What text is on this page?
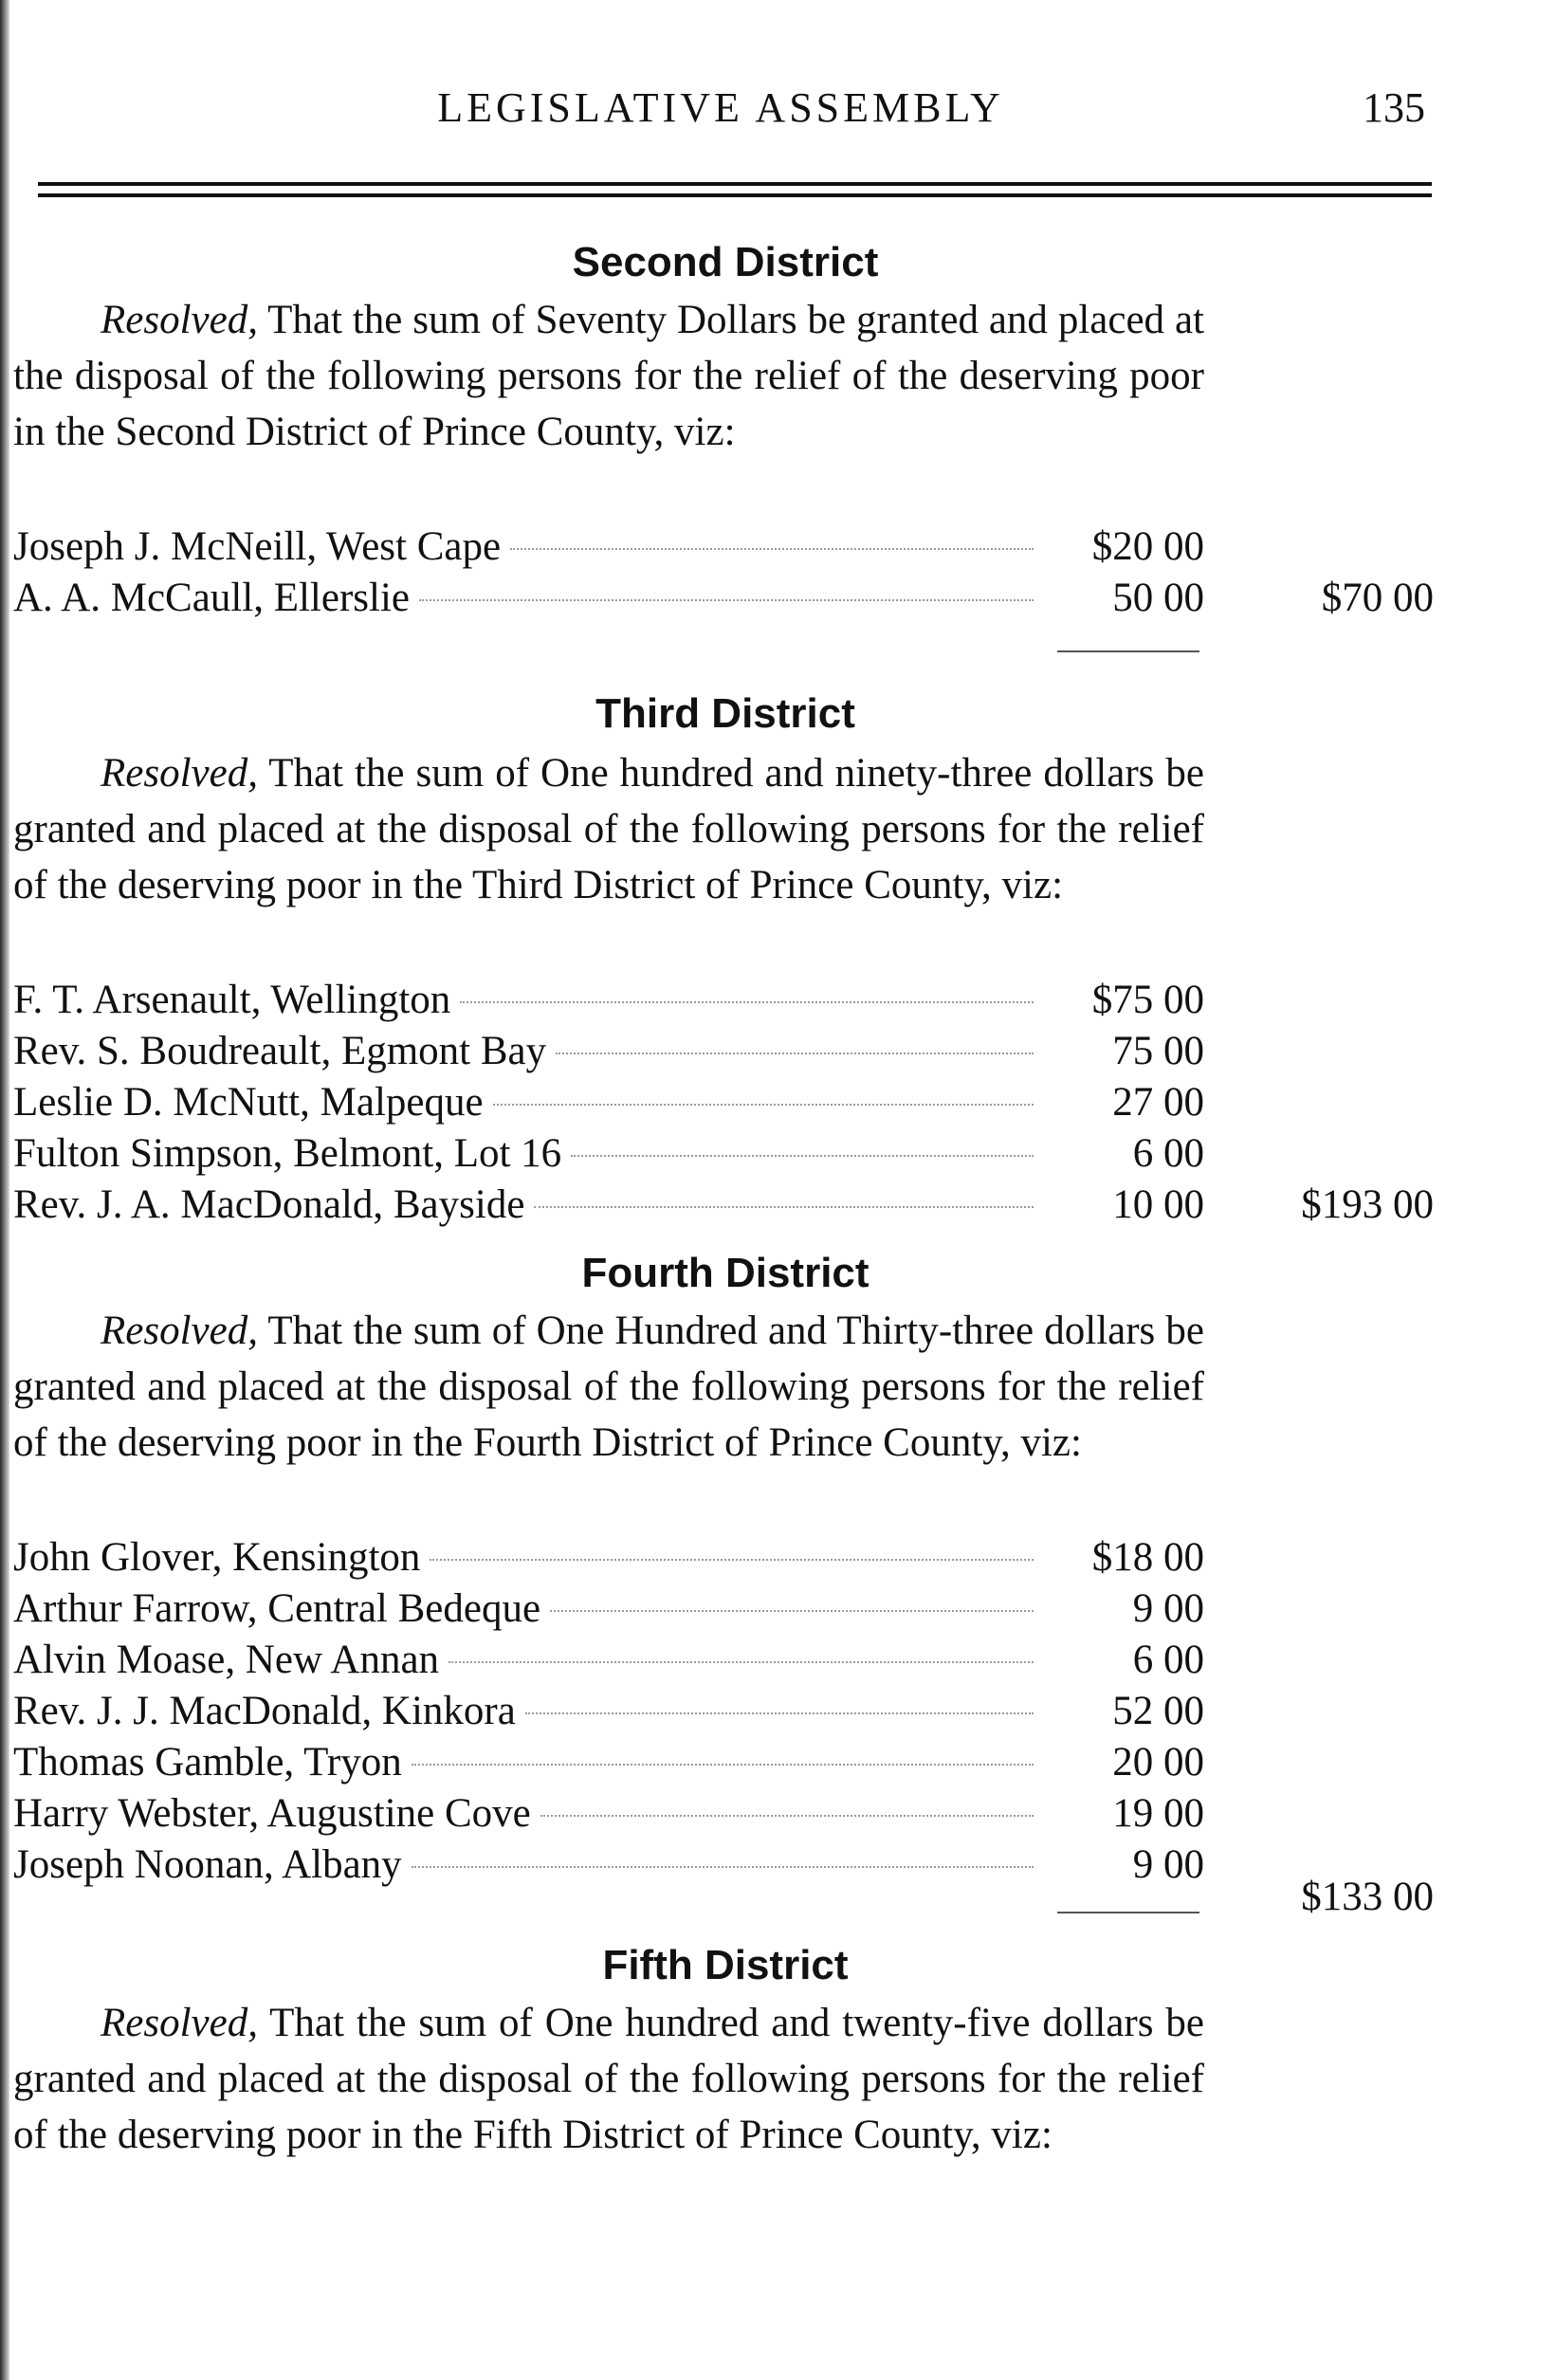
LEGISLATIVE ASSEMBLY	135
Second District

Resolved, That the sum of Seventy Dollars be granted and placed at the disposal of the following persons for the relief of the deserving poor in the Second District of Prince County, viz:

Joseph J. McNeill, West Cape	$20 00
A. A. McCaull, Ellerslie	50 00	$70 00
Third District

Resolved, That the sum of One hundred and ninety-three dollars be granted and placed at the disposal of the following persons for the relief of the deserving poor in the Third District of Prince County, viz:

F. T. Arsenault, Wellington	$75 00
Rev. S. Boudreault, Egmont Bay	75 00
Leslie D. McNutt, Malpeque	27 00
Fulton Simpson, Belmont, Lot 16	6 00
Rev. J. A. MacDonald, Bayside	10 00	$193 00
Fourth District

Resolved, That the sum of One Hundred and Thirty-three dollars be granted and placed at the disposal of the following persons for the relief of the deserving poor in the Fourth District of Prince County, viz:

John Glover, Kensington	$18 00
Arthur Farrow, Central Bedeque	9 00
Alvin Moase, New Annan	6 00
Rev. J. J. MacDonald, Kinkora	52 00
Thomas Gamble, Tryon	20 00
Harry Webster, Augustine Cove	19 00
Joseph Noonan, Albany	9 00
$133 00
Fifth District

Resolved, That the sum of One hundred and twenty-five dollars be granted and placed at the disposal of the following persons for the relief of the deserving poor in the Fifth District of Prince County, viz:
